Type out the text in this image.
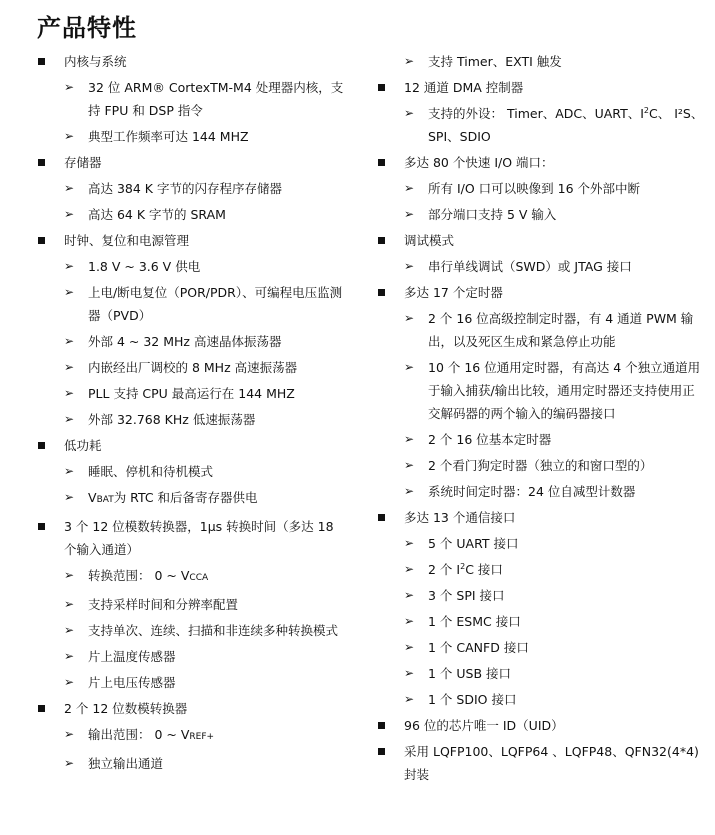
产品特性
内核与系统
➢ 32 位 ARM® CortexTM-M4 处理器内核，支持 FPU 和 DSP 指令
➢ 典型工作频率可达 144 MHZ
存储器
➢ 高达 384 K 字节的闪存程序存储器
➢ 高达 64 K 字节的 SRAM
时钟、复位和电源管理
➢ 1.8 V ~ 3.6 V 供电
➢ 上电/断电复位（POR/PDR）、可编程电压监测器（PVD）
➢ 外部 4 ~ 32 MHz 高速晶体振荡器
➢ 内嵌经出厂调校的 8 MHz 高速振荡器
➢ PLL 支持 CPU 最高运行在 144 MHZ
➢ 外部 32.768 KHz 低速振荡器
低功耗
➢ 睡眠、停机和待机模式
➢ VBAT为 RTC 和后备寄存器供电
3 个 12 位模数转换器，1μs 转换时间（多达 18 个输入通道）
➢ 转换范围： 0 ~ VCCA
➢ 支持采样时间和分辨率配置
➢ 支持单次、连续、扫描和非连续多种转换模式
➢ 片上温度传感器
➢ 片上电压传感器
2 个 12 位数模转换器
➢ 输出范围： 0 ~ VREF+
➢ 独立输出通道
➢ 支持 Timer、EXTI 触发
12 通道 DMA 控制器
➢ 支持的外设： Timer、ADC、UART、$I^2C$、 I²S、SPI、SDIO
多达 80 个快速 I/O 端口：
➢ 所有 I/O 口可以映像到 16 个外部中断
➢ 部分端口支持 5 V 输入
调试模式
➢ 串行单线调试（SWD）或 JTAG 接口
多达 17 个定时器
➢ 2 个 16 位高级控制定时器，有 4 通道 PWM 输出，以及死区生成和紧急停止功能
➢ 10 个 16 位通用定时器，有高达 4 个独立通道用于输入捕获/输出比较，通用定时器还支持使用正交解码器的两个输入的编码器接口
➢ 2 个 16 位基本定时器
➢ 2 个看门狗定时器（独立的和窗口型的）
➢ 系统时间定时器：24 位自减型计数器
多达 13 个通信接口
➢ 5 个 UART 接口
➢ 2 个 $I^2C$ 接口
➢ 3 个 SPI 接口
➢ 1 个 ESMC 接口
➢ 1 个 CANFD 接口
➢ 1 个 USB 接口
➢ 1 个 SDIO 接口
96 位的芯片唯一 ID（UID）
采用 LQFP100、LQFP64 、LQFP48、QFN32(4*4)封装
